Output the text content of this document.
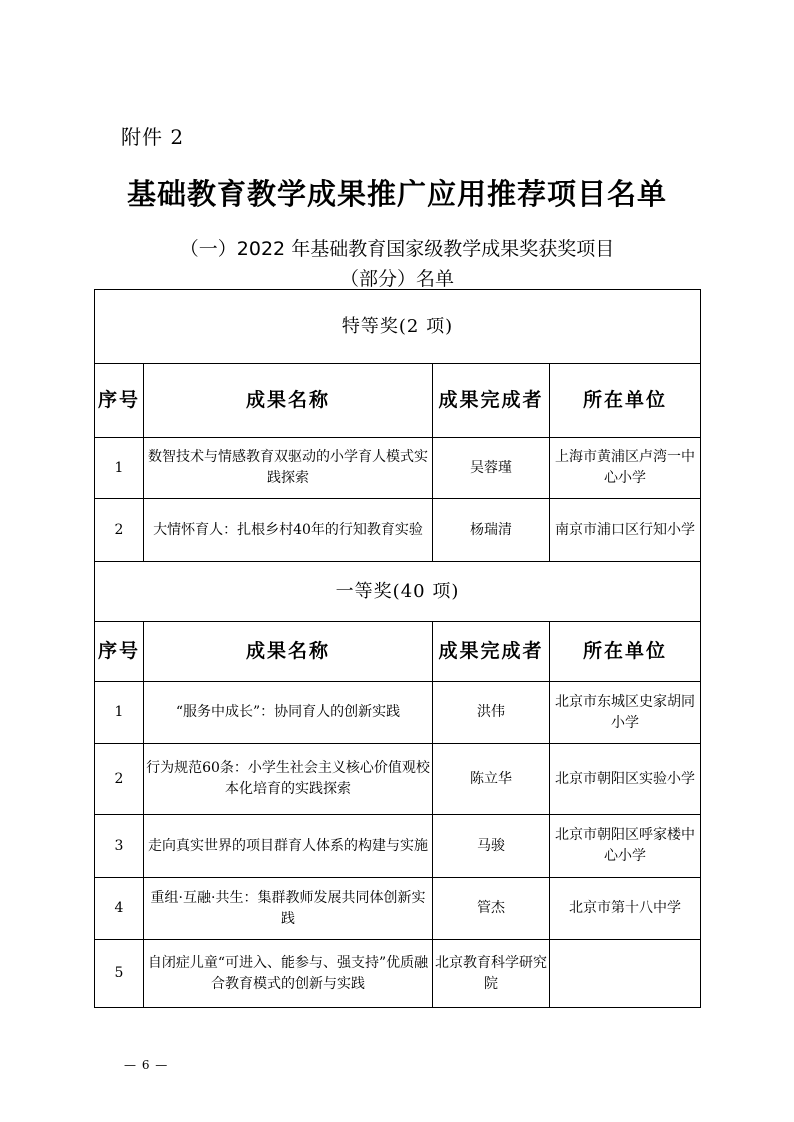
附件 2
基础教育教学成果推广应用推荐项目名单
（一）2022 年基础教育国家级教学成果奖获奖项目
（部分）名单
特等奖(2 项)			
序号	成果名称	成果完成者	所在单位
1	数智技术与情感教育双驱动的小学育人模式实践探索	吴蓉瑾	上海市黄浦区卢湾一中心小学
2	大情怀育人：扎根乡村40年的行知教育实验	杨瑞清	南京市浦口区行知小学
一等奖(40 项)			
序号	成果名称	成果完成者	所在单位
1	“服务中成长”：协同育人的创新实践	洪伟	北京市东城区史家胡同小学
2	行为规范60条：小学生社会主义核心价值观校本化培育的实践探索	陈立华	北京市朝阳区实验小学
3	走向真实世界的项目群育人体系的构建与实施	马骏	北京市朝阳区呼家楼中心小学
4	重组·互融·共生：集群教师发展共同体创新实践	管杰	北京市第十八中学
5	自闭症儿童“可进入、能参与、强支持”优质融合教育模式的创新与实践	北京教育科学研究院	
— 6 —
